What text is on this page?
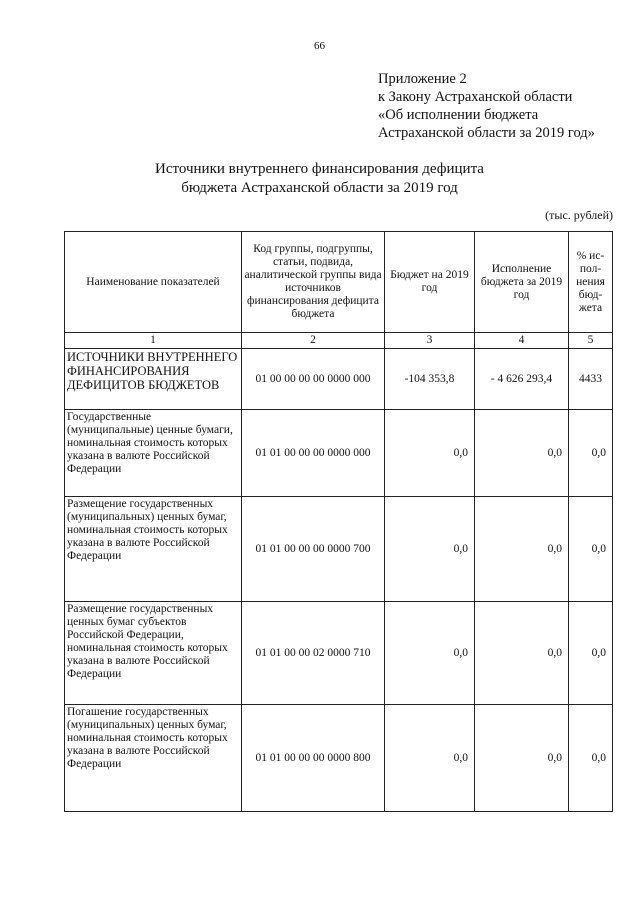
66
Приложение 2
к Закону Астраханской области
«Об исполнении бюджета
Астраханской области за 2019 год»
Источники внутреннего финансирования дефицита
бюджета Астраханской области за 2019 год
(тыс. рублей)
Наименование показателей	Код группы, подгруппы, статьи, подвида, аналитической группы вида источников финансирования дефицита бюджета	Бюджет на 2019 год	Исполнение бюджета за 2019 год	% ис-пол-нения бюд-жета
1	2	3	4	5
ИСТОЧНИКИ ВНУТРЕННЕГО ФИНАНСИРОВАНИЯ ДЕФИЦИТОВ БЮДЖЕТОВ	01 00 00 00 00 0000 000	-104 353,8	- 4 626 293,4	4433
Государственные (муниципальные) ценные бумаги, номинальная стоимость которых указана в валюте Российской Федерации	01 01 00 00 00 0000 000	0,0	0,0	0,0
Размещение государственных (муниципальных) ценных бумаг, номинальная стоимость которых указана в валюте Российской Федерации	01 01 00 00 00 0000 700	0,0	0,0	0,0
Размещение государственных ценных бумаг субъектов Российской Федерации, номинальная стоимость которых указана в валюте Российской Федерации	01 01 00 00 02 0000 710	0,0	0,0	0,0
Погашение государственных (муниципальных) ценных бумаг, номинальная стоимость которых указана в валюте Российской Федерации	01 01 00 00 00 0000 800	0,0	0,0	0,0
